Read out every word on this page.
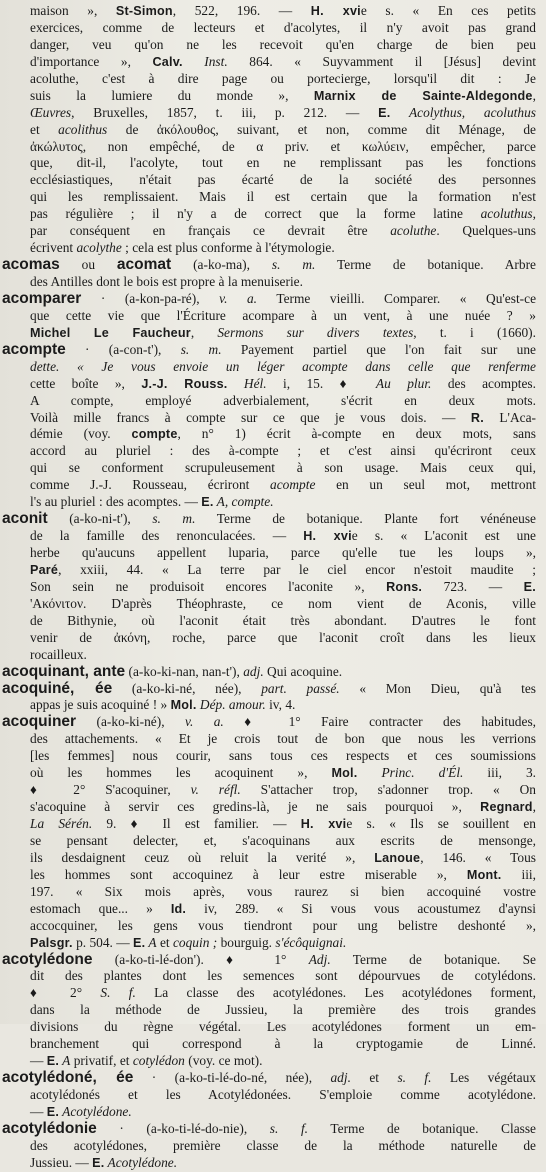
maison », St-Simon, 522, 196. — H. xvie s. « En ces petits
exercices, comme de lecteurs et d'acolytes, il n'y avoit pas grand
danger, veu qu'on ne les recevoit qu'en charge de bien peu
d'importance », Calv. Inst. 864. « Suyvamment il [Jésus] devint
acoluthe, c'est à dire page ou portecierge, lorsqu'il dit : Je
suis la lumiere du monde », Marnix de Sainte-Aldegonde,
Œuvres, Bruxelles, 1857, t. iii, p. 212. — E. Acolythus, acoluthus
et acolithus de ἀκόλουθος, suivant, et non, comme dit Ménage, de
ἀκώλυτος, non empêché, de α priv. et κωλύειν, empêcher, parce
que, dit-il, l'acolyte, tout en ne remplissant pas les fonctions
ecclésiastiques, n'était pas écarté de la société des personnes
qui les remplissaient. Mais il est certain que la formation n'est
pas régulière ; il n'y a de correct que la forme latine acoluthus,
par conséquent en français ce devrait être acoluthe. Quelques-uns
écrivent acolythe ; cela est plus conforme à l'étymologie.
acomas ou acomat (a-ko-ma), s. m. Terme de botanique. Arbre
des Antilles dont le bois est propre à la menuiserie.
acomparer · (a-kon-pa-ré), v. a. Terme vieilli. Comparer. « Qu'est-ce
que cette vie que l'Écriture acompare à un vent, à une nuée ? »
Michel Le Faucheur, Sermons sur divers textes, t. i (1660).
acompte · (a-con-t'), s. m. Payement partiel que l'on fait sur une
dette. « Je vous envoie un léger acompte dans celle que renferme
cette boîte », J.-J. Rouss. Hél. i, 15. ♦ Au plur. des acomptes.
A compte, employé adverbialement, s'écrit en deux mots.
Voilà mille francs à compte sur ce que je vous dois. — R. L'Aca-
démie (voy. compte, n° 1) écrit à-compte en deux mots, sans
accord au pluriel : des à-compte ; et c'est ainsi qu'écriront ceux
qui se conforment scrupuleusement à son usage. Mais ceux qui,
comme J.-J. Rousseau, écriront acompte en un seul mot, mettront
l's au pluriel : des acomptes. — E. A, compte.
aconit (a-ko-ni-t'), s. m. Terme de botanique. Plante fort vénéneuse
de la famille des renonculacées. — H. xvie s. « L'aconit est une
herbe qu'aucuns appellent luparia, parce qu'elle tue les loups »,
Paré, xxiii, 44. « La terre par le ciel encor n'estoit maudite ;
Son sein ne produisoit encores l'aconite », Rons. 723. — E.
'Ακόνιτον. D'après Théophraste, ce nom vient de Aconis, ville
de Bithynie, où l'aconit était très abondant. D'autres le font
venir de ἀκόνη, roche, parce que l'aconit croît dans les lieux
rocailleux.
acoquinant, ante (a-ko-ki-nan, nan-t'), adj. Qui acoquine.
acoquiné, ée (a-ko-ki-né, née), part. passé. « Mon Dieu, qu'à tes
appas je suis acoquiné ! » Mol. Dép. amour. iv, 4.
acoquiner (a-ko-ki-né), v. a. ♦ 1° Faire contracter des habitudes,
des attachements. « Et je crois tout de bon que nous les verrions
[les femmes] nous courir, sans tous ces respects et ces soumissions
où les hommes les acoquinent », Mol. Princ. d'Él. iii, 3.
♦ 2° S'acoquiner, v. réfl. S'attacher trop, s'adonner trop. « On
s'acoquine à servir ces gredins-là, je ne sais pourquoi », Regnard,
La Sérén. 9. ♦ Il est familier. — H. xvie s. « Ils se souillent en
se pensant delecter, et, s'acoquinans aux escrits de mensonge,
ils desdaignent ceuz où reluit la verité », Lanoue, 146. « Tous
les hommes sont accoquinez à leur estre miserable », Mont. iii,
197. « Six mois après, vous raurez si bien accoquiné vostre
estomach que... » Id. iv, 289. « Si vous vous acoustumez d'aynsi
accocquiner, les gens vous tiendront pour ung belistre deshonté »,
Palsgr. p. 504. — E. A et coquin ; bourguig. s'écôquignai.
acotylédone (a-ko-ti-lé-don'). ♦ 1° Adj. Terme de botanique. Se
dit des plantes dont les semences sont dépourvues de cotylédons.
♦ 2° S. f. La classe des acotylédones. Les acotylédones forment,
dans la méthode de Jussieu, la première des trois grandes
divisions du règne végétal. Les acotylédones forment un em-
branchement qui correspond à la cryptogamie de Linné.
— E. A privatif, et cotylédon (voy. ce mot).
acotylédoné, ée · (a-ko-ti-lé-do-né, née), adj. et s. f. Les végétaux
acotylédonés et les Acotylédonées. S'emploie comme acotylédone.
— E. Acotylédone.
acotylédonie · (a-ko-ti-lé-do-nie), s. f. Terme de botanique. Classe
des acotylédones, première classe de la méthode naturelle de
Jussieu. — E. Acotylédone.
